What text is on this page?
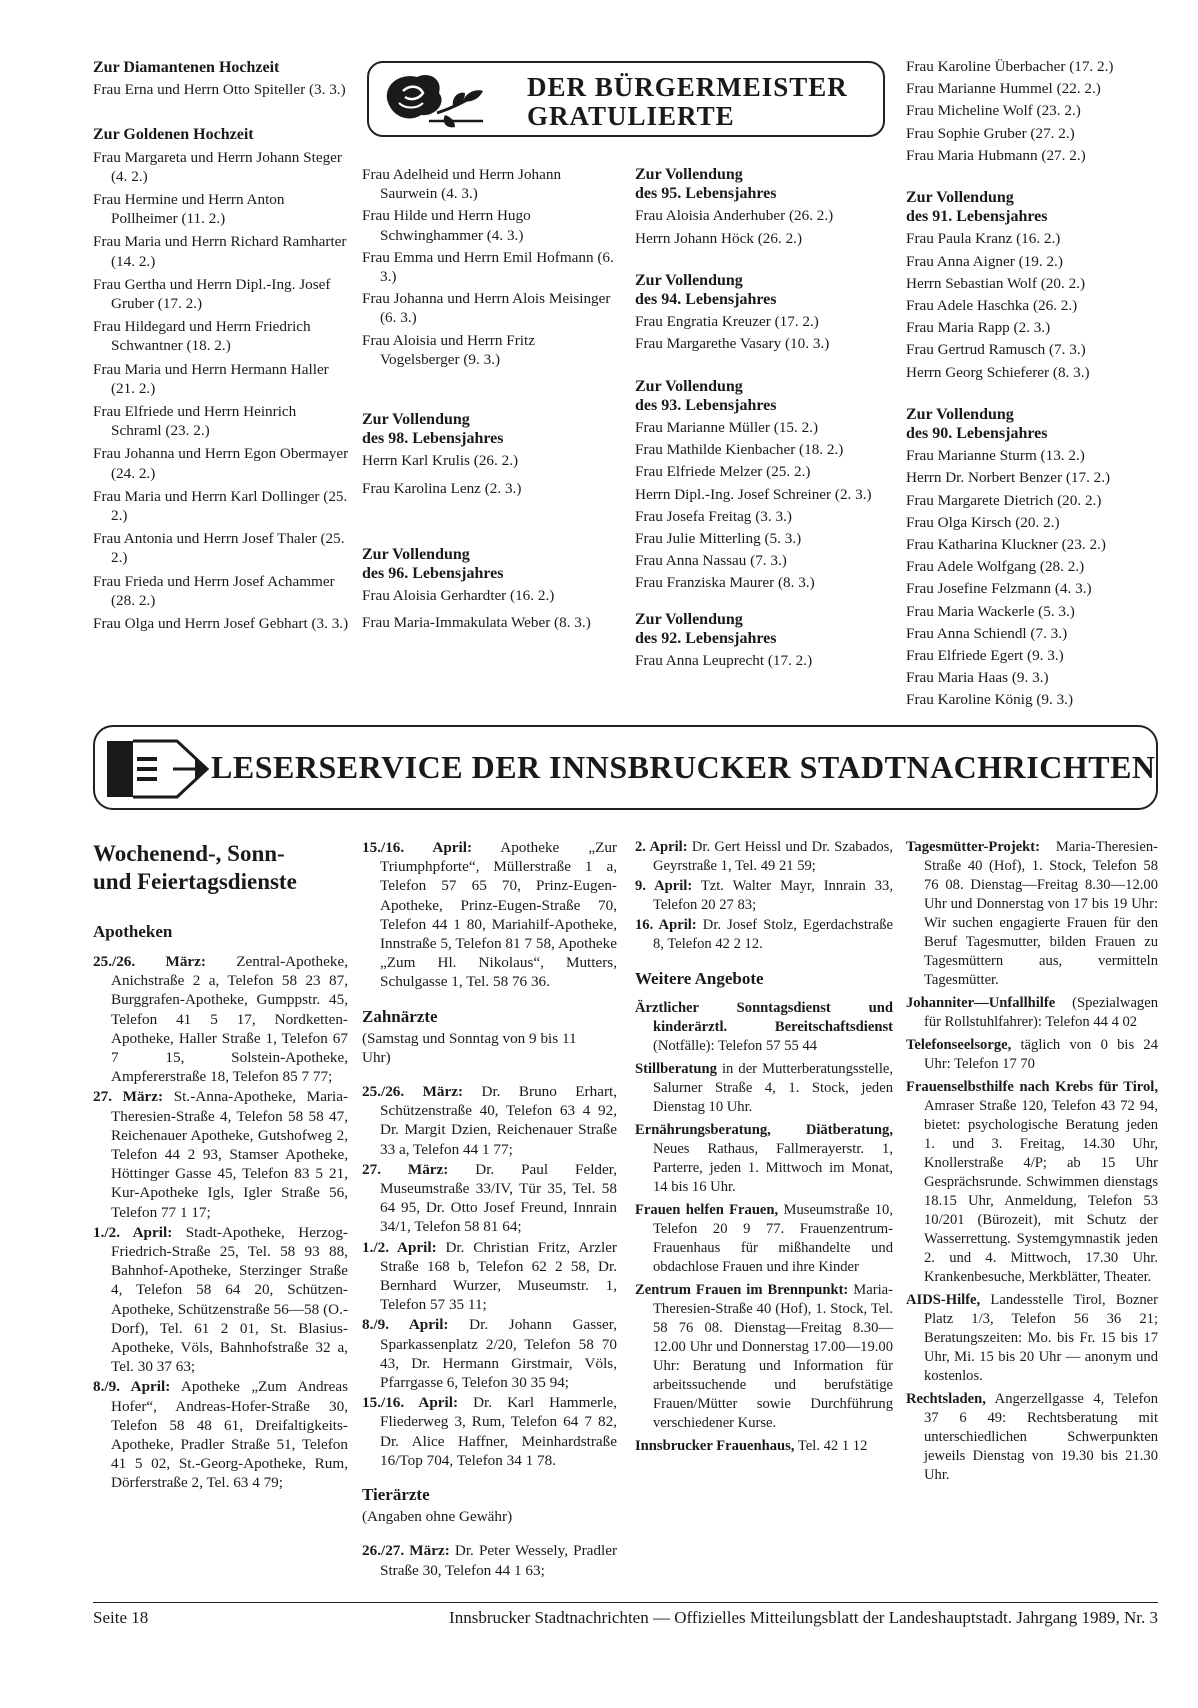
Zur Diamantenen Hochzeit
Frau Erna und Herrn Otto Spiteller (3. 3.)
Zur Goldenen Hochzeit
Frau Margareta und Herrn Johann Steger (4. 2.)
Frau Hermine und Herrn Anton Pollheimer (11. 2.)
Frau Maria und Herrn Richard Ramharter (14. 2.)
Frau Gertha und Herrn Dipl.-Ing. Josef Gruber (17. 2.)
Frau Hildegard und Herrn Friedrich Schwantner (18. 2.)
Frau Maria und Herrn Hermann Haller (21. 2.)
Frau Elfriede und Herrn Heinrich Schraml (23. 2.)
Frau Johanna und Herrn Egon Obermayer (24. 2.)
Frau Maria und Herrn Karl Dollinger (25. 2.)
Frau Antonia und Herrn Josef Thaler (25. 2.)
Frau Frieda und Herrn Josef Achammer (28. 2.)
Frau Olga und Herrn Josef Gebhart (3. 3.)
DER BÜRGERMEISTER
GRATULIERTE
Frau Adelheid und Herrn Johann Saurwein (4. 3.)
Frau Hilde und Herrn Hugo Schwinghammer (4. 3.)
Frau Emma und Herrn Emil Hofmann (6. 3.)
Frau Johanna und Herrn Alois Meisinger (6. 3.)
Frau Aloisia und Herrn Fritz Vogelsberger (9. 3.)
Zur Vollendung
des 98. Lebensjahres
Herrn Karl Krulis (26. 2.)
Frau Karolina Lenz (2. 3.)
Zur Vollendung
des 96. Lebensjahres
Frau Aloisia Gerhardter (16. 2.)
Frau Maria-Immakulata Weber (8. 3.)
Zur Vollendung
des 95. Lebensjahres
Frau Aloisia Anderhuber (26. 2.)
Herrn Johann Höck (26. 2.)
Zur Vollendung
des 94. Lebensjahres
Frau Engratia Kreuzer (17. 2.)
Frau Margarethe Vasary (10. 3.)
Zur Vollendung
des 93. Lebensjahres
Frau Marianne Müller (15. 2.)
Frau Mathilde Kienbacher (18. 2.)
Frau Elfriede Melzer (25. 2.)
Herrn Dipl.-Ing. Josef Schreiner (2. 3.)
Frau Josefa Freitag (3. 3.)
Frau Julie Mitterling (5. 3.)
Frau Anna Nassau (7. 3.)
Frau Franziska Maurer (8. 3.)
Zur Vollendung
des 92. Lebensjahres
Frau Anna Leuprecht (17. 2.)
Frau Karoline Überbacher (17. 2.)
Frau Marianne Hummel (22. 2.)
Frau Micheline Wolf (23. 2.)
Frau Sophie Gruber (27. 2.)
Frau Maria Hubmann (27. 2.)
Zur Vollendung
des 91. Lebensjahres
Frau Paula Kranz (16. 2.)
Frau Anna Aigner (19. 2.)
Herrn Sebastian Wolf (20. 2.)
Frau Adele Haschka (26. 2.)
Frau Maria Rapp (2. 3.)
Frau Gertrud Ramusch (7. 3.)
Herrn Georg Schieferer (8. 3.)
Zur Vollendung
des 90. Lebensjahres
Frau Marianne Sturm (13. 2.)
Herrn Dr. Norbert Benzer (17. 2.)
Frau Margarete Dietrich (20. 2.)
Frau Olga Kirsch (20. 2.)
Frau Katharina Kluckner (23. 2.)
Frau Adele Wolfgang (28. 2.)
Frau Josefine Felzmann (4. 3.)
Frau Maria Wackerle (5. 3.)
Frau Anna Schiendl (7. 3.)
Frau Elfriede Egert (9. 3.)
Frau Maria Haas (9. 3.)
Frau Karoline König (9. 3.)
LESERSERVICE DER INNSBRUCKER STADTNACHRICHTEN
Wochenend-, Sonn-
und Feiertagsdienste
Apotheken
25./26. März: Zentral-Apotheke, Anichstraße 2 a, Telefon 58 23 87, Burggrafen-Apotheke, Gumppstr. 45, Telefon 41 5 17, Nordketten-Apotheke, Haller Straße 1, Telefon 67 7 15, Solstein-Apotheke, Ampfererstraße 18, Telefon 85 7 77;
27. März: St.-Anna-Apotheke, Maria-Theresien-Straße 4, Telefon 58 58 47, Reichenauer Apotheke, Gutshofweg 2, Telefon 44 2 93, Stamser Apotheke, Höttinger Gasse 45, Telefon 83 5 21, Kur-Apotheke Igls, Igler Straße 56, Telefon 77 1 17;
1./2. April: Stadt-Apotheke, Herzog-Friedrich-Straße 25, Tel. 58 93 88, Bahnhof-Apotheke, Sterzinger Straße 4, Telefon 58 64 20, Schützen-Apotheke, Schützenstraße 56—58 (O.-Dorf), Tel. 61 2 01, St. Blasius-Apotheke, Völs, Bahnhofstraße 32 a, Tel. 30 37 63;
8./9. April: Apotheke „Zum Andreas Hofer“, Andreas-Hofer-Straße 30, Telefon 58 48 61, Dreifaltigkeits-Apotheke, Pradler Straße 51, Telefon 41 5 02, St.-Georg-Apotheke, Rum, Dörferstraße 2, Tel. 63 4 79;
15./16. April: Apotheke „Zur Triumphpforte“, Müllerstraße 1 a, Telefon 57 65 70, Prinz-Eugen-Apotheke, Prinz-Eugen-Straße 70, Telefon 44 1 80, Mariahilf-Apotheke, Innstraße 5, Telefon 81 7 58, Apotheke „Zum Hl. Nikolaus“, Mutters, Schulgasse 1, Tel. 58 76 36.
Zahnärzte
(Samstag und Sonntag von 9 bis 11 Uhr)
25./26. März: Dr. Bruno Erhart, Schützenstraße 40, Telefon 63 4 92, Dr. Margit Dzien, Reichenauer Straße 33 a, Telefon 44 1 77;
27. März: Dr. Paul Felder, Museumstraße 33/IV, Tür 35, Tel. 58 64 95, Dr. Otto Josef Freund, Innrain 34/1, Telefon 58 81 64;
1./2. April: Dr. Christian Fritz, Arzler Straße 168 b, Telefon 62 2 58, Dr. Bernhard Wurzer, Museumstr. 1, Telefon 57 35 11;
8./9. April: Dr. Johann Gasser, Sparkassenplatz 2/20, Telefon 58 70 43, Dr. Hermann Girstmair, Völs, Pfarrgasse 6, Telefon 30 35 94;
15./16. April: Dr. Karl Hammerle, Fliederweg 3, Rum, Telefon 64 7 82, Dr. Alice Haffner, Meinhardstraße 16/Top 704, Telefon 34 1 78.
Tierärzte
(Angaben ohne Gewähr)
26./27. März: Dr. Peter Wessely, Pradler Straße 30, Telefon 44 1 63;
2. April: Dr. Gert Heissl und Dr. Szabados, Geyrstraße 1, Tel. 49 21 59;
9. April: Tzt. Walter Mayr, Innrain 33, Telefon 20 27 83;
16. April: Dr. Josef Stolz, Egerdachstraße 8, Telefon 42 2 12.
Weitere Angebote
Ärztlicher Sonntagsdienst und kinderärztl. Bereitschaftsdienst (Notfälle): Telefon 57 55 44
Stillberatung in der Mutterberatungsstelle, Salurner Straße 4, 1. Stock, jeden Dienstag 10 Uhr.
Ernährungsberatung, Diätberatung, Neues Rathaus, Fallmerayerstr. 1, Parterre, jeden 1. Mittwoch im Monat, 14 bis 16 Uhr.
Frauen helfen Frauen, Museumstraße 10, Telefon 20 9 77. Frauenzentrum-Frauenhaus für mißhandelte und obdachlose Frauen und ihre Kinder
Zentrum Frauen im Brennpunkt: Maria-Theresien-Straße 40 (Hof), 1. Stock, Tel. 58 76 08. Dienstag—Freitag 8.30—12.00 Uhr und Donnerstag 17.00—19.00 Uhr: Beratung und Information für arbeitssuchende und berufstätige Frauen/Mütter sowie Durchführung verschiedener Kurse.
Innsbrucker Frauenhaus, Tel. 42 1 12
Tagesmütter-Projekt: Maria-Theresien-Straße 40 (Hof), 1. Stock, Telefon 58 76 08. Dienstag—Freitag 8.30—12.00 Uhr und Donnerstag von 17 bis 19 Uhr: Wir suchen engagierte Frauen für den Beruf Tagesmutter, bilden Frauen zu Tagesmüttern aus, vermitteln Tagesmütter.
Johanniter—Unfallhilfe (Spezialwagen für Rollstuhlfahrer): Telefon 44 4 02
Telefonseelsorge, täglich von 0 bis 24 Uhr: Telefon 17 70
Frauenselbsthilfe nach Krebs für Tirol, Amraser Straße 120, Telefon 43 72 94, bietet: psychologische Beratung jeden 1. und 3. Freitag, 14.30 Uhr, Knollerstraße 4/P; ab 15 Uhr Gesprächsrunde. Schwimmen dienstags 18.15 Uhr, Anmeldung, Telefon 53 10/201 (Bürozeit), mit Schutz der Wasserrettung. Systemgymnastik jeden 2. und 4. Mittwoch, 17.30 Uhr. Krankenbesuche, Merkblätter, Theater.
AIDS-Hilfe, Landesstelle Tirol, Bozner Platz 1/3, Telefon 56 36 21; Beratungszeiten: Mo. bis Fr. 15 bis 17 Uhr, Mi. 15 bis 20 Uhr — anonym und kostenlos.
Rechtsladen, Angerzellgasse 4, Telefon 37 6 49: Rechtsberatung mit unterschiedlichen Schwerpunkten jeweils Dienstag von 19.30 bis 21.30 Uhr.
Seite 18	Innsbrucker Stadtnachrichten — Offizielles Mitteilungsblatt der Landeshauptstadt. Jahrgang 1989, Nr. 3
